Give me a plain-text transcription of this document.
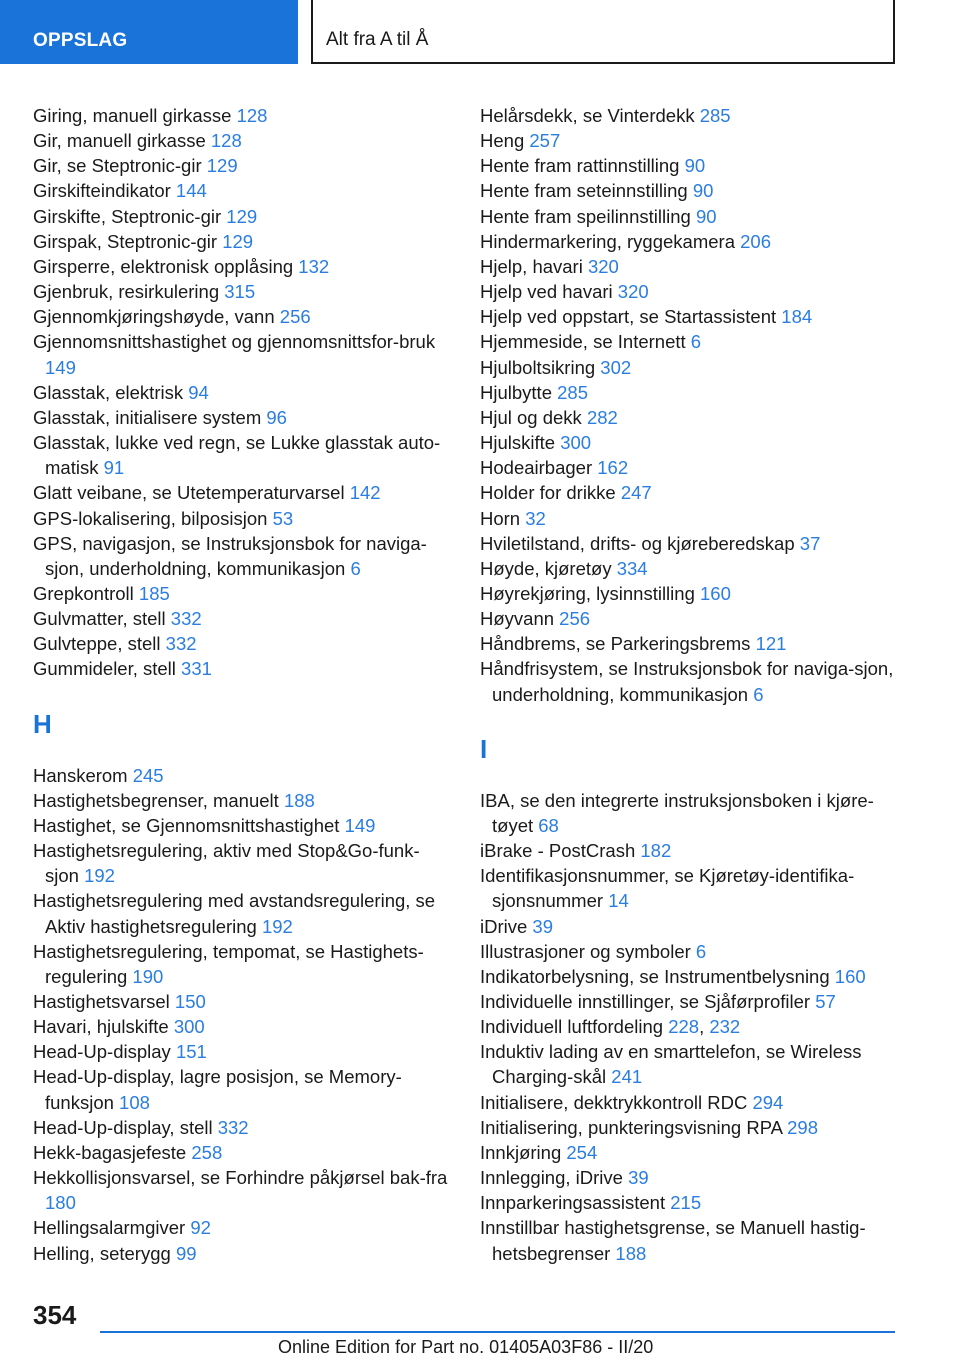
OPPSLAG	Alt fra A til Å
Giring, manuell girkasse 128
Gir, manuell girkasse 128
Gir, se Steptronic-gir 129
Girskifteindikator 144
Girskifte, Steptronic-gir 129
Girspak, Steptronic-gir 129
Girsperre, elektronisk opplåsing 132
Gjenbruk, resirkulering 315
Gjennomkjøringshøyde, vann 256
Gjennomsnittshastighet og gjennomsnittsfor-bruk 149
Glasstak, elektrisk 94
Glasstak, initialisere system 96
Glasstak, lukke ved regn, se Lukke glasstak auto-matisk 91
Glatt veibane, se Utetemperaturvarsel 142
GPS-lokalisering, bilposisjon 53
GPS, navigasjon, se Instruksjonsbok for naviga-sjon, underholdning, kommunikasjon 6
Grepkontroll 185
Gulvmatter, stell 332
Gulvteppe, stell 332
Gummideler, stell 331
H
Hanskerom 245
Hastighetsbegrenser, manuelt 188
Hastighet, se Gjennomsnittshastighet 149
Hastighetsregulering, aktiv med Stop&Go-funk-sjon 192
Hastighetsregulering med avstandsregulering, se Aktiv hastighetsregulering 192
Hastighetsregulering, tempomat, se Hastighets-regulering 190
Hastighetsvarsel 150
Havari, hjulskifte 300
Head-Up-display 151
Head-Up-display, lagre posisjon, se Memory-funksjon 108
Head-Up-display, stell 332
Hekk-bagasjefeste 258
Hekkollisjonsvarsel, se Forhindre påkjørsel bak-fra 180
Hellingsalarmgiver 92
Helling, seterygg 99
Helårsdekk, se Vinterdekk 285
Heng 257
Hente fram rattinnstilling 90
Hente fram seteinnstilling 90
Hente fram speilinnstilling 90
Hindermarkering, ryggekamera 206
Hjelp, havari 320
Hjelp ved havari 320
Hjelp ved oppstart, se Startassistent 184
Hjemmeside, se Internett 6
Hjulboltsikring 302
Hjulbytte 285
Hjul og dekk 282
Hjulskifte 300
Hodeairbager 162
Holder for drikke 247
Horn 32
Hviletilstand, drifts- og kjøreberedskap 37
Høyde, kjøretøy 334
Høyrekjøring, lysinnstilling 160
Høyvann 256
Håndbrems, se Parkeringsbrems 121
Håndfrisystem, se Instruksjonsbok for naviga-sjon, underholdning, kommunikasjon 6
I
IBA, se den integrerte instruksjonsboken i kjøre-tøyet 68
iBrake - PostCrash 182
Identifikasjonsnummer, se Kjøretøy-identifika-sjonsnummer 14
iDrive 39
Illustrasjoner og symboler 6
Indikatorbelysning, se Instrumentbelysning 160
Individuelle innstillinger, se Sjåførprofiler 57
Individuell luftfordeling 228, 232
Induktiv lading av en smarttelefon, se Wireless Charging-skål 241
Initialisere, dekktrykkontroll RDC 294
Initialisering, punkteringsvisning RPA 298
Innkjøring 254
Innlegging, iDrive 39
Innparkeringsassistent 215
Innstillbar hastighetsgrense, se Manuell hastig-hetsbegrenser 188
354
Online Edition for Part no. 01405A03F86 - II/20
